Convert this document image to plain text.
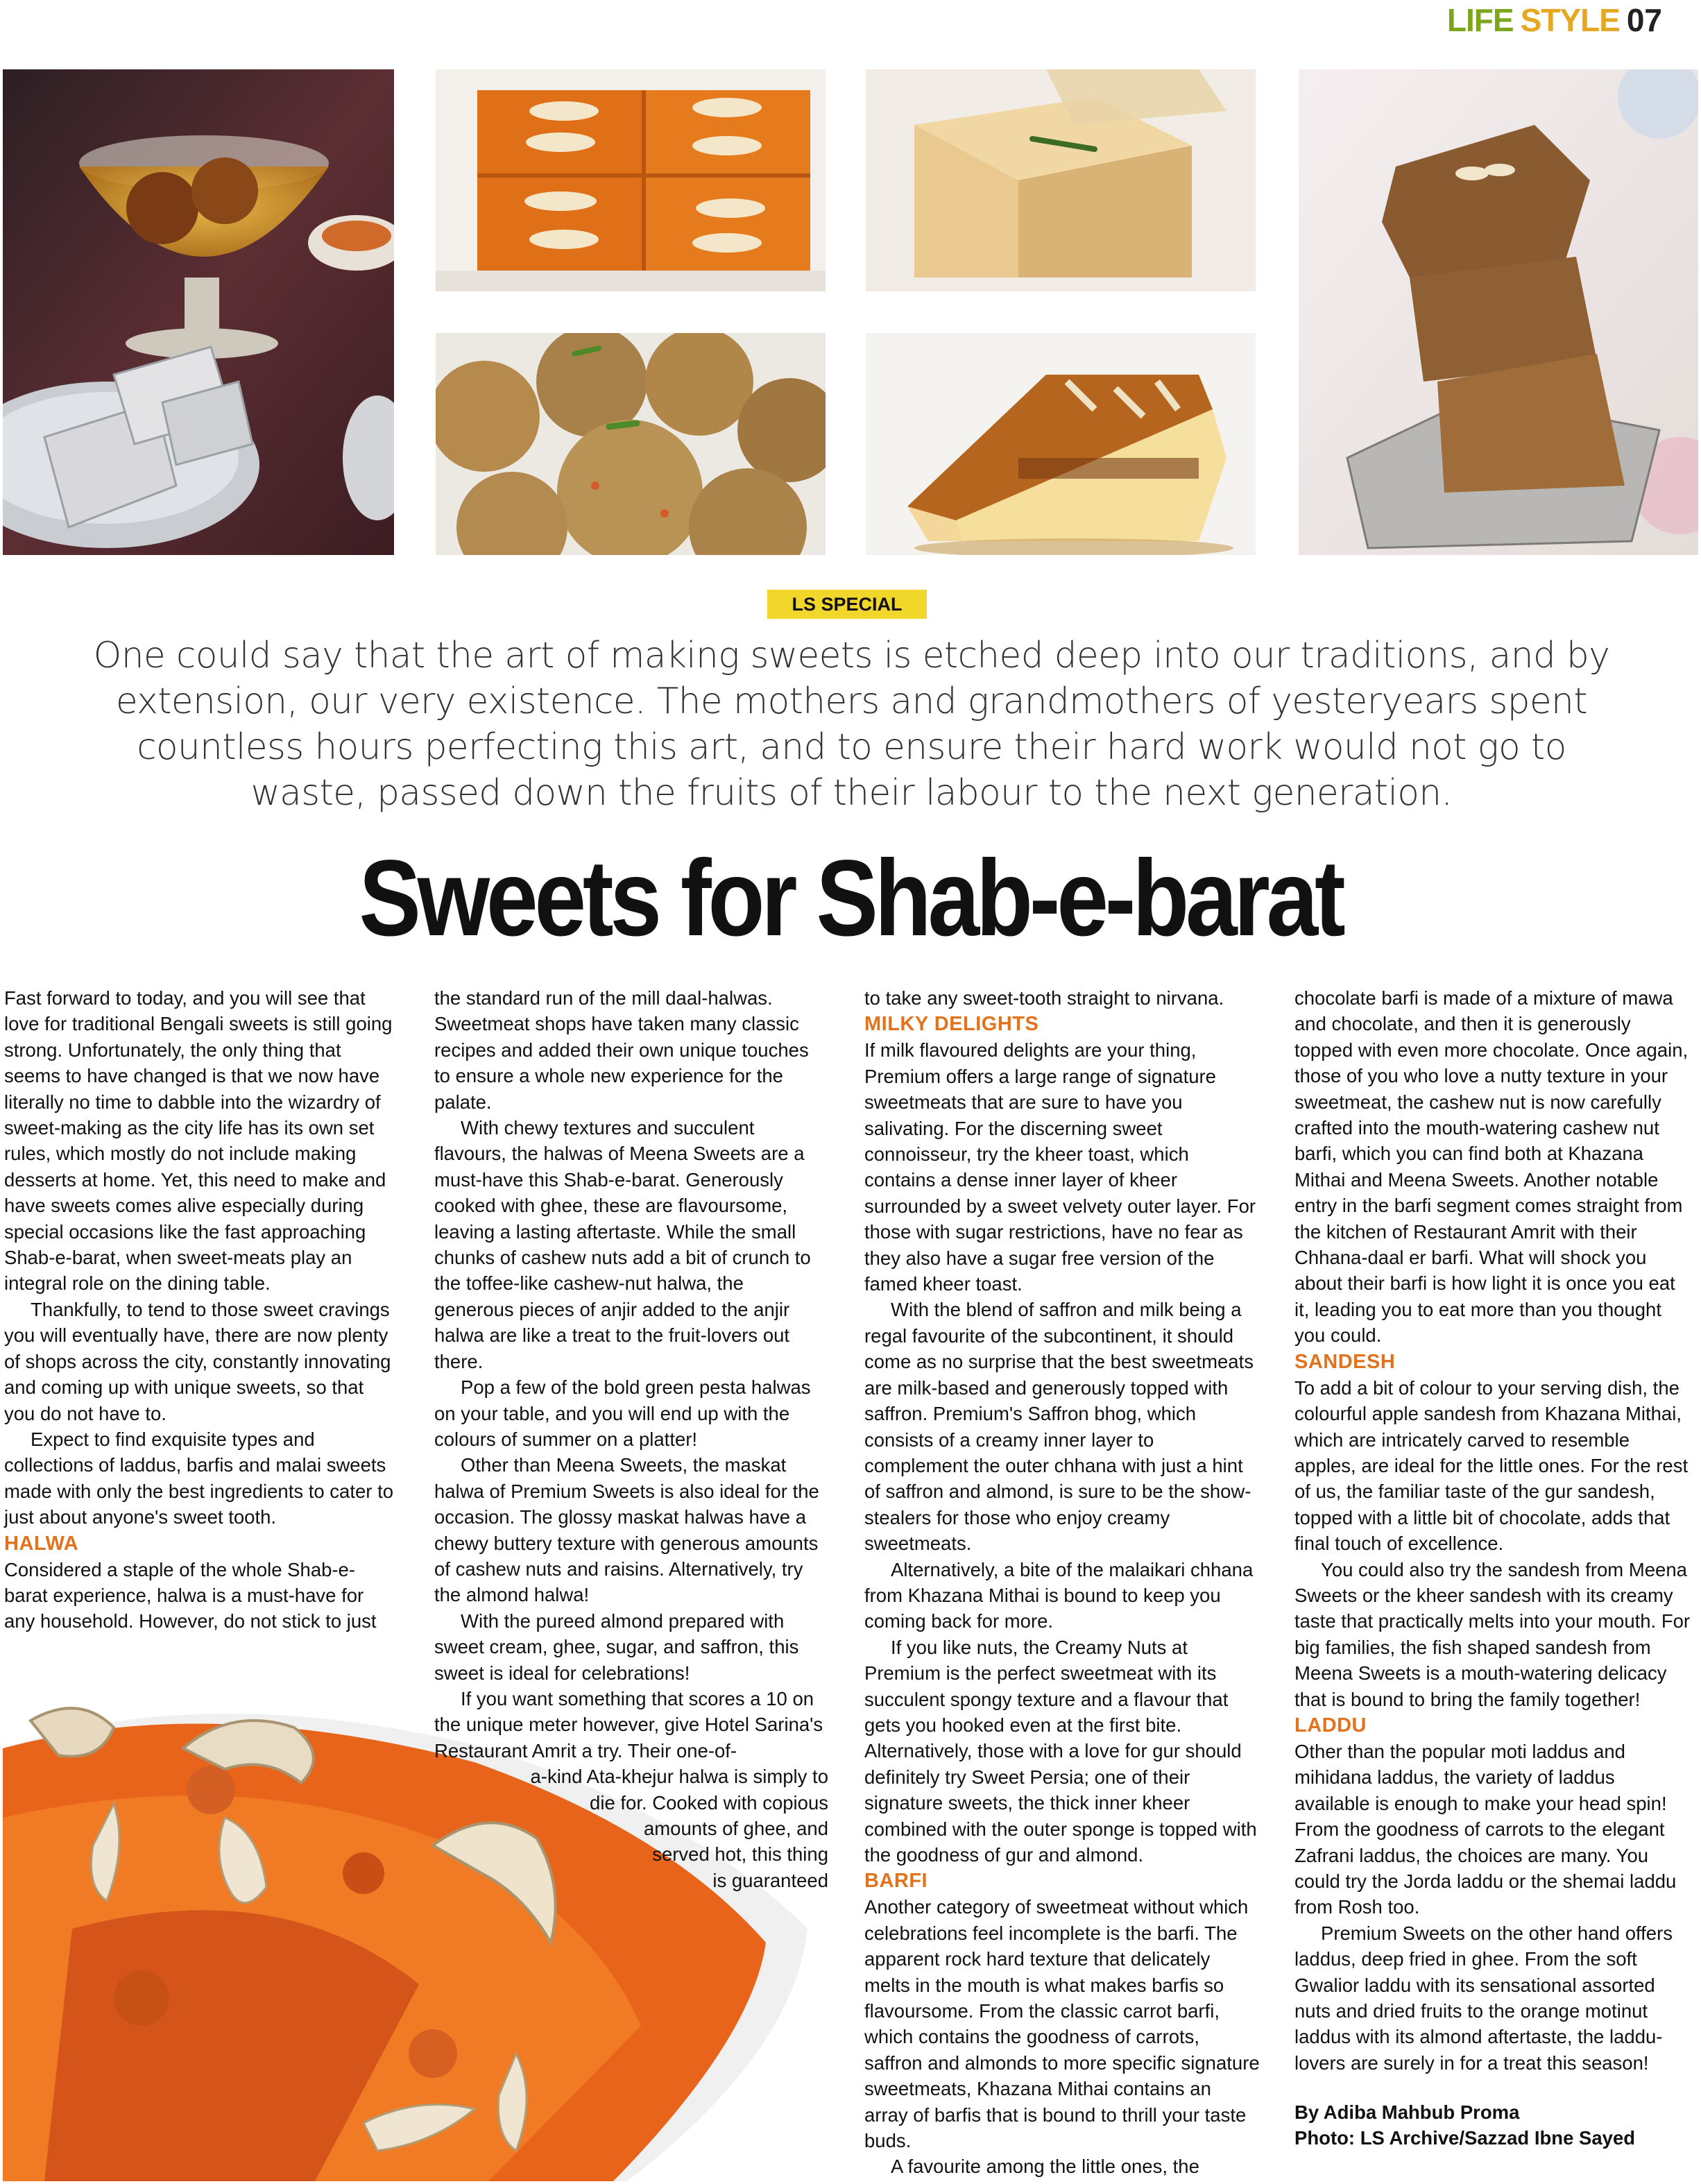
LIFE STYLE 07
LS SPECIAL
One could say that the art of making sweets is etched deep into our traditions, and by extension, our very existence. The mothers and grandmothers of yesteryears spent countless hours perfecting this art, and to ensure their hard work would not go to waste, passed down the fruits of their labour to the next generation.
Sweets for Shab-e-barat

Fast forward to today, and you will see that love for traditional Bengali sweets is still going strong. Unfortunately, the only thing that seems to have changed is that we now have literally no time to dabble into the wizardry of sweet-making as the city life has its own set rules, which mostly do not include making desserts at home. Yet, this need to make and have sweets comes alive especially during special occasions like the fast approaching Shab-e-barat, when sweet-meats play an integral role on the dining table.

Thankfully, to tend to those sweet cravings you will eventually have, there are now plenty of shops across the city, constantly innovating and coming up with unique sweets, so that you do not have to.

Expect to find exquisite types and collections of laddus, barfis and malai sweets made with only the best ingredients to cater to just about anyone's sweet tooth.

HALWA

Considered a staple of the whole Shab-e-barat experience, halwa is a must-have for any household. However, do not stick to just

the standard run of the mill daal-halwas. Sweetmeat shops have taken many classic recipes and added their own unique touches to ensure a whole new experience for the palate.

With chewy textures and succulent flavours, the halwas of Meena Sweets are a must-have this Shab-e-barat. Generously cooked with ghee, these are flavoursome, leaving a lasting aftertaste. While the small chunks of cashew nuts add a bit of crunch to the toffee-like cashew-nut halwa, the generous pieces of anjir added to the anjir halwa are like a treat to the fruit-lovers out there.

Pop a few of the bold green pesta halwas on your table, and you will end up with the colours of summer on a platter!

Other than Meena Sweets, the maskat halwa of Premium Sweets is also ideal for the occasion. The glossy maskat halwas have a chewy buttery texture with generous amounts of cashew nuts and raisins. Alternatively, try the almond halwa!

With the pureed almond prepared with sweet cream, ghee, sugar, and saffron, this sweet is ideal for celebrations!

If you want something that scores a 10 on the unique meter however, give Hotel Sarina's Restaurant Amrit a try. Their one-of-

a-kind Ata-khejur halwa is simply to
die for. Cooked with copious
amounts of ghee, and
served hot, this thing
is guaranteed

to take any sweet-tooth straight to nirvana.

MILKY DELIGHTS

If milk flavoured delights are your thing, Premium offers a large range of signature sweetmeats that are sure to have you salivating. For the discerning sweet connoisseur, try the kheer toast, which contains a dense inner layer of kheer surrounded by a sweet velvety outer layer. For those with sugar restrictions, have no fear as they also have a sugar free version of the famed kheer toast.

With the blend of saffron and milk being a regal favourite of the subcontinent, it should come as no surprise that the best sweetmeats are milk-based and generously topped with saffron. Premium's Saffron bhog, which consists of a creamy inner layer to complement the outer chhana with just a hint of saffron and almond, is sure to be the show-stealers for those who enjoy creamy sweetmeats.

Alternatively, a bite of the malaikari chhana from Khazana Mithai is bound to keep you coming back for more.

If you like nuts, the Creamy Nuts at Premium is the perfect sweetmeat with its succulent spongy texture and a flavour that gets you hooked even at the first bite. Alternatively, those with a love for gur should definitely try Sweet Persia; one of their signature sweets, the thick inner kheer combined with the outer sponge is topped with the goodness of gur and almond.

BARFI

Another category of sweetmeat without which celebrations feel incomplete is the barfi. The apparent rock hard texture that delicately melts in the mouth is what makes barfis so flavoursome. From the classic carrot barfi, which contains the goodness of carrots, saffron and almonds to more specific signature sweetmeats, Khazana Mithai contains an array of barfis that is bound to thrill your taste buds.

A favourite among the little ones, the

chocolate barfi is made of a mixture of mawa and chocolate, and then it is generously topped with even more chocolate. Once again, those of you who love a nutty texture in your sweetmeat, the cashew nut is now carefully crafted into the mouth-watering cashew nut barfi, which you can find both at Khazana Mithai and Meena Sweets. Another notable entry in the barfi segment comes straight from the kitchen of Restaurant Amrit with their Chhana-daal er barfi. What will shock you about their barfi is how light it is once you eat it, leading you to eat more than you thought you could.

SANDESH

To add a bit of colour to your serving dish, the colourful apple sandesh from Khazana Mithai, which are intricately carved to resemble apples, are ideal for the little ones. For the rest of us, the familiar taste of the gur sandesh, topped with a little bit of chocolate, adds that final touch of excellence.

You could also try the sandesh from Meena Sweets or the kheer sandesh with its creamy taste that practically melts into your mouth. For big families, the fish shaped sandesh from Meena Sweets is a mouth-watering delicacy that is bound to bring the family together!

LADDU

Other than the popular moti laddus and mihidana laddus, the variety of laddus available is enough to make your head spin! From the goodness of carrots to the elegant Zafrani laddus, the choices are many. You could try the Jorda laddu or the shemai laddu from Rosh too.

Premium Sweets on the other hand offers laddus, deep fried in ghee. From the soft Gwalior laddu with its sensational assorted nuts and dried fruits to the orange motinut laddus with its almond aftertaste, the laddu-lovers are surely in for a treat this season!

By Adiba Mahbub Proma
Photo: LS Archive/Sazzad Ibne Sayed
